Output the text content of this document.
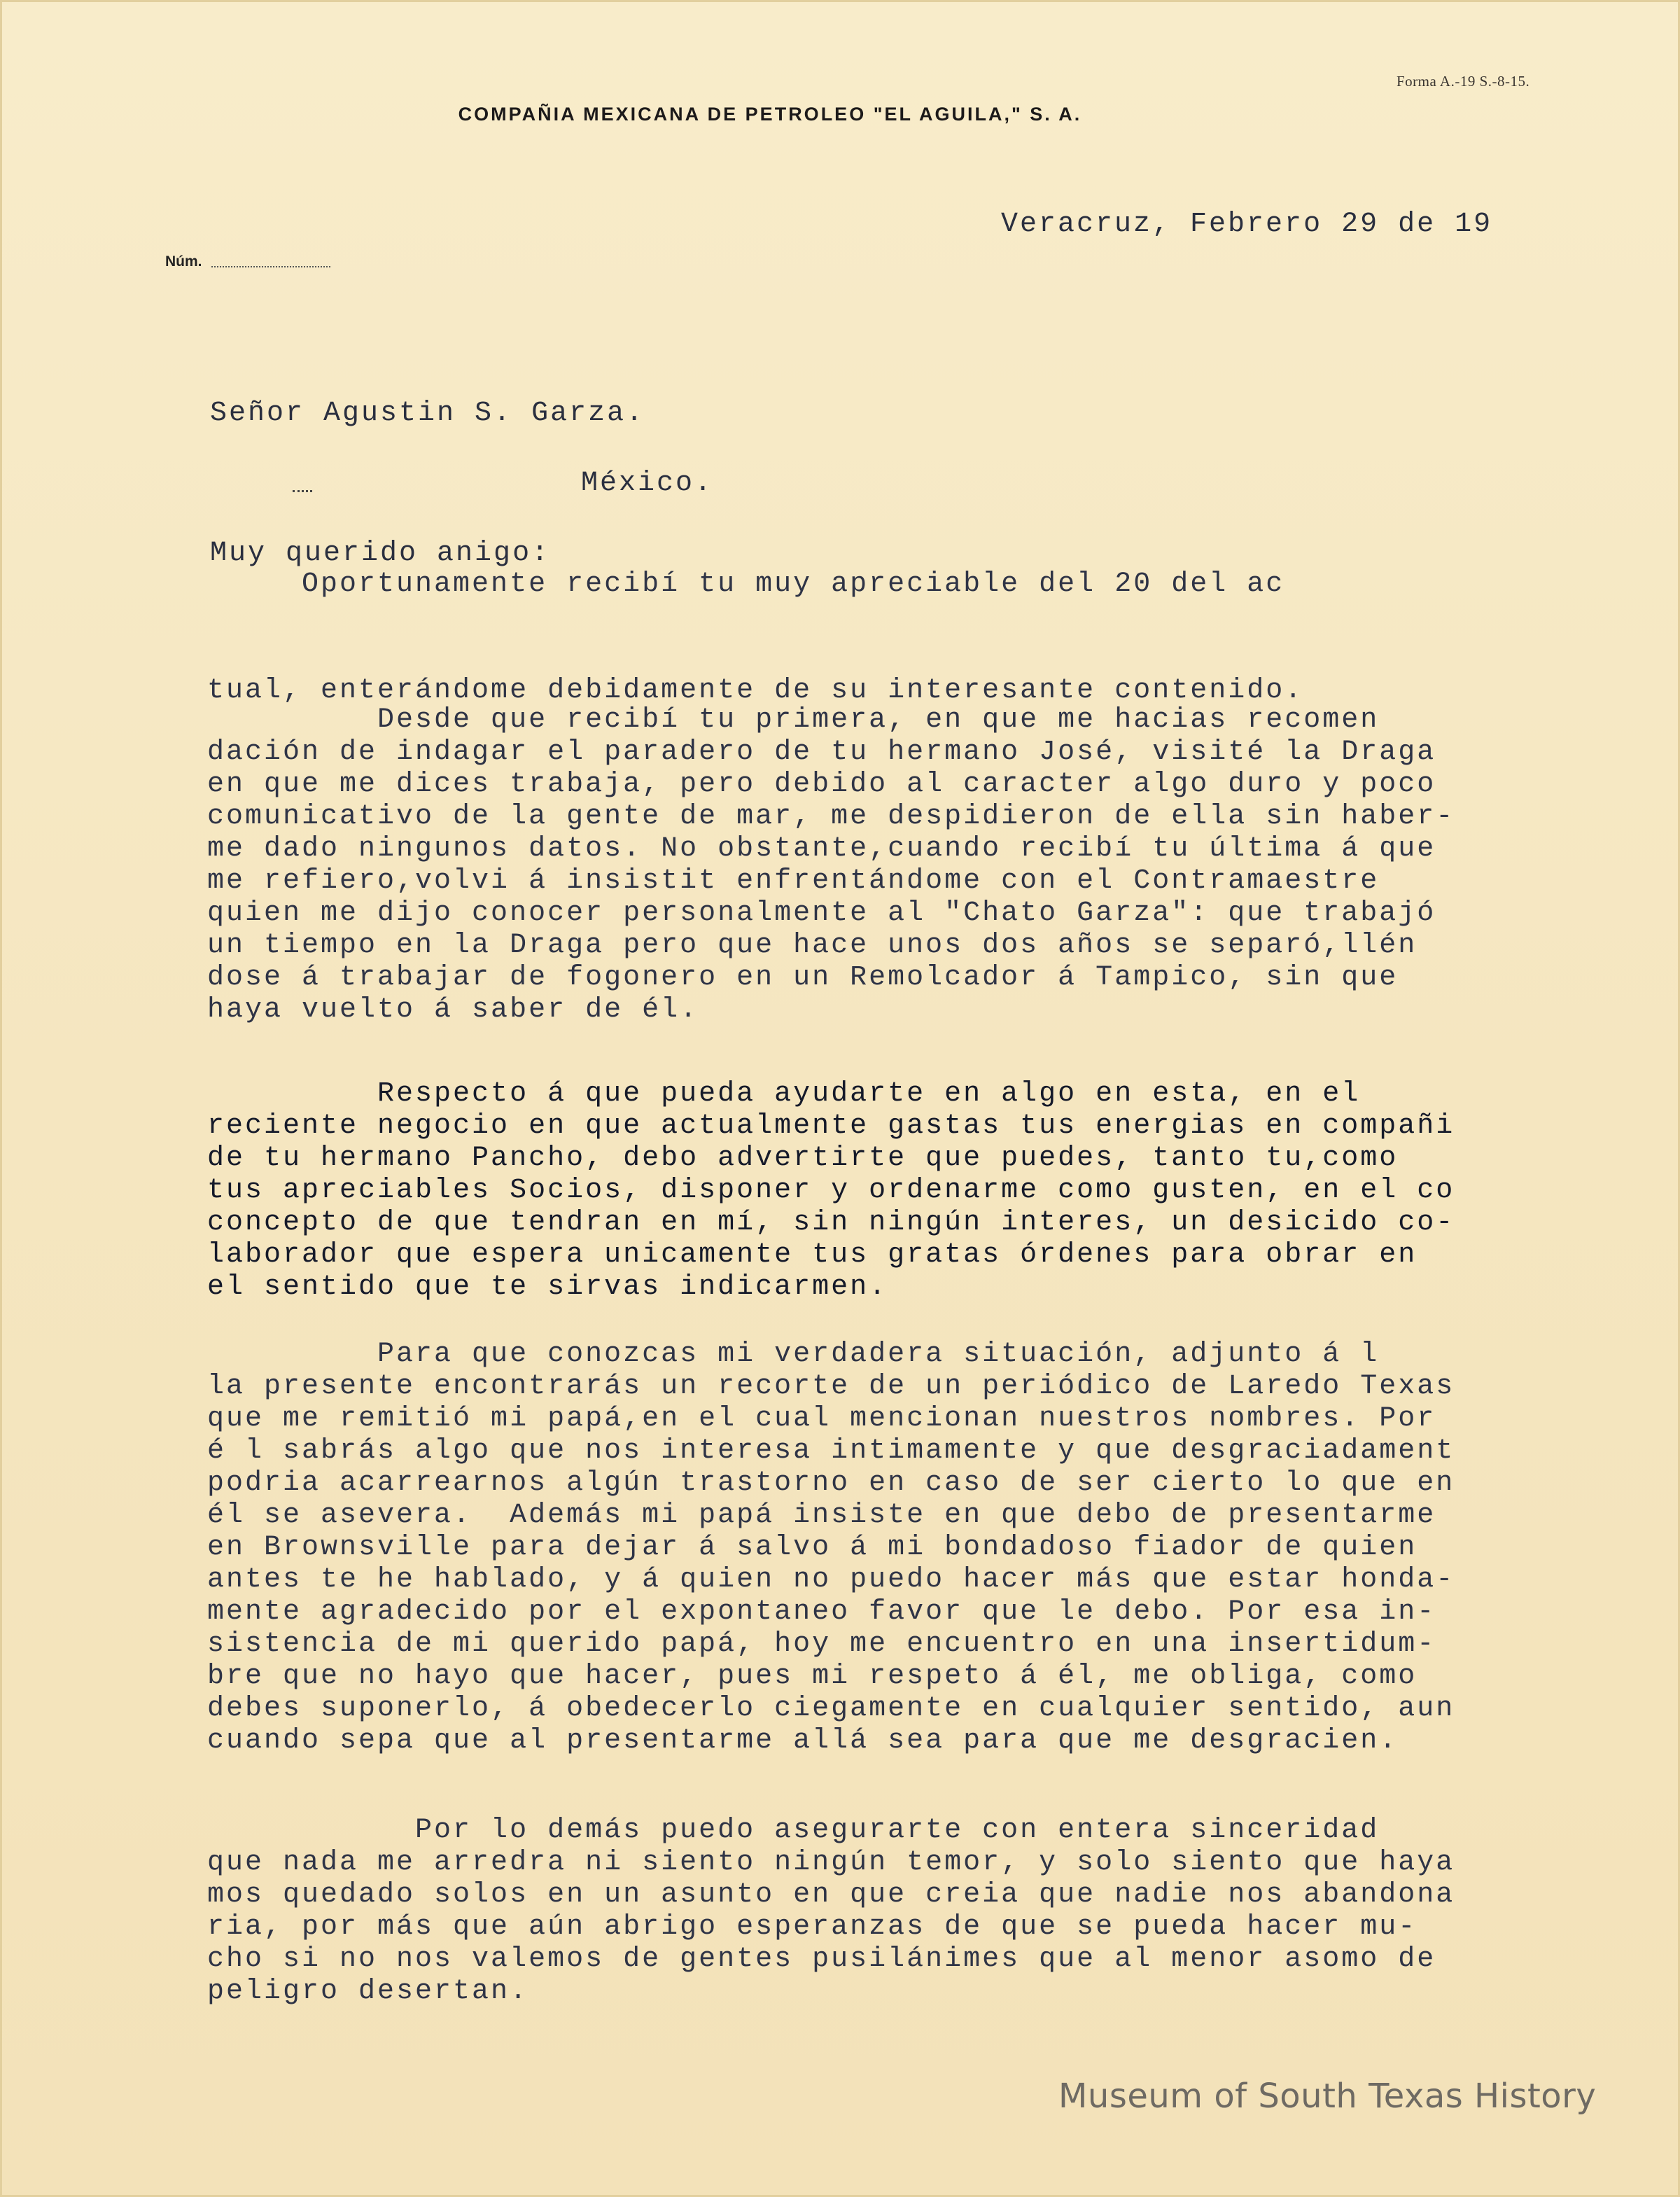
Forma A.-19 S.-8-15.
COMPAÑIA MEXICANA DE PETROLEO "EL AGUILA," S. A.
Núm.
Veracruz, Febrero 29 de 19
Señor Agustin S. Garza.
México.
Muy querido anigo:
Oportunamente recibí tu muy apreciable del 20 del ac
tual, enterándome debidamente de su interesante contenido.
Desde que recibí tu primera, en que me hacias recomen
dación de indagar el paradero de tu hermano José, visité la Draga
en que me dices trabaja, pero debido al caracter algo duro y poco
comunicativo de la gente de mar, me despidieron de ella sin haber-
me dado ningunos datos. No obstante,cuando recibí tu última á que
me refiero,volvi á insistit enfrentándome con el Contramaestre
quien me dijo conocer personalmente al "Chato Garza": que trabajó
un tiempo en la Draga pero que hace unos dos años se separó,llén
dose á trabajar de fogonero en un Remolcador á Tampico, sin que
haya vuelto á saber de él.
Respecto á que pueda ayudarte en algo en esta, en el
reciente negocio en que actualmente gastas tus energias en compañi
de tu hermano Pancho, debo advertirte que puedes, tanto tu,como
tus apreciables Socios, disponer y ordenarme como gusten, en el co
concepto de que tendran en mí, sin ningún interes, un desicido co-
laborador que espera unicamente tus gratas órdenes para obrar en
el sentido que te sirvas indicarmen.
Para que conozcas mi verdadera situación, adjunto á l
la presente encontrarás un recorte de un periódico de Laredo Texas
que me remitió mi papá,en el cual mencionan nuestros nombres. Por
é l sabrás algo que nos interesa intimamente y que desgraciadament
podria acarrearnos algún trastorno en caso de ser cierto lo que en
él se asevera.  Además mi papá insiste en que debo de presentarme
en Brownsville para dejar á salvo á mi bondadoso fiador de quien
antes te he hablado, y á quien no puedo hacer más que estar honda-
mente agradecido por el expontaneo favor que le debo. Por esa in-
sistencia de mi querido papá, hoy me encuentro en una insertidum-
bre que no hayo que hacer, pues mi respeto á él, me obliga, como
debes suponerlo, á obedecerlo ciegamente en cualquier sentido, aun
cuando sepa que al presentarme allá sea para que me desgracien.
Por lo demás puedo asegurarte con entera sinceridad
que nada me arredra ni siento ningún temor, y solo siento que haya
mos quedado solos en un asunto en que creia que nadie nos abandona
ria, por más que aún abrigo esperanzas de que se pueda hacer mu-
cho si no nos valemos de gentes pusilánimes que al menor asomo de
peligro desertan.
Museum of South Texas History
